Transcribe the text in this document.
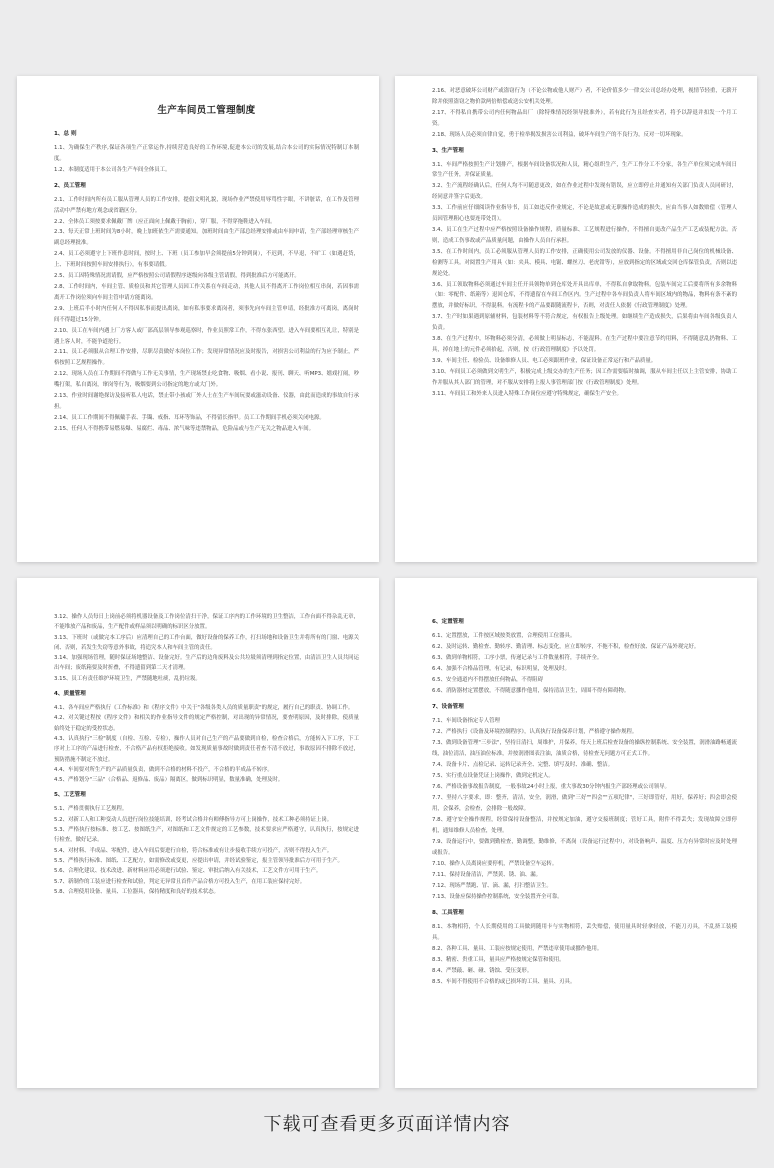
生产车间员工管理制度
1、总 则
1.1、为确保生产秩序,保证各项生产正常运作,持续营造良好的工作环境,促进本公司的发展,结合本公司的实际情况特制订本制度。
1.2、本制度适用于本公司各生产车间全体员工。
2、员工管理
2.1、工作时间内所有员工服从管理人员的工作安排，提倡文明礼貌，现场作业严禁使用辱骂性字眼，不讲脏话，在工作及管理活动中严禁有地方观念或省籍区分。
2.2、全体员工须按要求佩戴厂牌（应正面向上佩戴于胸前），穿厂服，不得穿拖鞋进入车间。
2.3、每天正常上班时间为8小时，晚上加班依生产需要通知。加班时间由生产部总经理安排或由车间申请，生产部经理审核生产副总经理批准。
2.4、员工必须遵守上下班作息时间，按时上、下班（员工参加早会须提前5分钟到岗），不迟到，不早退，不旷工（如遇赶货，上、下班时间按照车间安排执行），有事要请假。
2.5、员工因特殊情况需请假，应严格按照公司请假程序逐级向各级主管请假，得到批准后方可能离开。
2.8、工作时间内，车间主管、质检员和其它管理人员因工作关系在车间走动，其他人员不得离开工作岗位相互串岗，若因事需离开工作岗位须向车间主管申请方能离岗。
2.9、上班后半小时内任何人不得因私事而提出离岗，如有私事要求离岗者，须事先向车间主管申请，经批准方可离岗，离岗时间不得超过15分钟。
2.10、员工在车间内遇上厂方客人或厂部高层领导参观巡察时，作业员照常工作，不得东张西望。进入车间要相互礼让，特别是遇上客人时，不能争道抢行。
2.11、员工必须服从合理工作安排，尽职尽责做好本岗位工作；发现异常情况应及时报告，对损害公司利益的行为应予制止，严格按照工艺规程操作。
2.12、现场人员在工作期间不得做与工作无关事情，生产现场禁止吃食物、吸烟、看小说、报刊、聊天、听MP3、嬉戏打闹，吵嘴打架，私自离岗，窜岗等行为，吸烟要到公司指定的地方或大门外。
2.13、作业时间谢绝探访及接听私人电话，禁止带小孩或厂外人士在生产车间玩耍或滋动设备、仪器，由此而造成的事故自行承担。
2.14、员工工作期间不得佩戴手表、手镯、戒指、耳环等饰品，不得留长指甲。员工工作期间手机必须关闭电源。
2.15、任何人不得携带易燃易爆、易腐烂、毒品、浓气味等违禁物品，危险品或与生产无关之物品进入车间。
2.16、对恶意破坏公司财产或盗窃行为（不论公物或他人财产）者，不论价值多少一律交公司总经办处理，视情节轻重，无薪开除并依照盗窃之物价款两倍赔偿或送公安机关处理。
2.17、不得私自携带公司内任何物品出厂（除特殊情况经领导批准外），若有此行为且经查实者，将予以辞退并扣发一个月工资。
2.18、现场人员必须自律自觉，勇于检举揭发损害公司利益，破坏车间生产的不良行为，反对一切坏现象。
3、生产管理
3.1、车间严格按照生产计划排产，根据车间设备状况和人员，精心组织生产，生产工作分工不分家，各生产单位须完成车间日常生产任务，并保证质量。
3.2、生产流程经确认后，任何人均不可随意更改，如在作业过程中发现有错误，应立即停止并通知有关部门负责人员同研讨，经同意并签字后更改。
3.3、工作前应仔细阅读作业指导书，员工如违反作业规定，不论是故意或无职操作造成的损失，应由当事人如数赔偿（管理人员因管理粗心也要连带处罚）。
3.4、员工在生产过程中应严格按照设备操作规程，质量标准、工艺规程进行操作，不得擅自更改产品生产工艺或装配方法。否则，造成工伤事故或产品质量问题，由操作人员自行承担。
3.5、在工作时间内，员工必须服从管理人员的工作安排，正确使用公司发放的仪器、设备。不得擅用非自己岗位的机械设备、检测等工具。对阅置生产用具（如：夹具、模具、电锯、螺丝刀、老虎钳等），应放到指定的区域或交回仓库保管负责，否则以违规论处。
3.6、员工领取物料必须通过车间主任开具领物单到仓库处开具出库单，不得私自拿取物料。包装车间完工后要将所有多余物料（如：零配件、纸箱等）退回仓库，不得遗留在车间工作区内。生产过程中各车间负责人将车间区域内的物品，物料有条不紊的摆放，并做好标识，不得混料。有流程卡的产品要跟随流程卡，否则，对责任人依据《行政管理制度》处理。
3.7、生产时如果遇到原辅材料，包装材料等不符合规定，有权报告上级处理。如继续生产造成损失，后果将由车间各级负责人负责。
3.8、在生产过程中，坏物料必须分清，必须做上明显标志，不能混料。在生产过程中要注意节约用料，不得随意乱扔物料、工具，掉在地上的元件必须拾起，否则，按《行政管理制度》予以处罚。
3.9、车间主任、检验员、设备维修人员、电工必须跟班作业，保证设备正常运行和产品质量。
3.10、车间员工必须做到文明生产，积极完成上级交办的生产任务；因工作需要临时抽调，服从车间主任以上主管安排，协助工作并服从其人部门的管理，对不服从安排将上报人事管理部门按《行政管理制度》处理。
3.11、车间员工和外来人员进入特殊工作岗位应遵守特殊规定，确保生产安全。
3.12、操作人员每日上岗前必须将机器设备及工作岗位清扫干净，保证工序内的工作环境的卫生整洁，工作台面不得杂乱无章，不能堆放产品和废品，生产配件或样品须以明确的标识区分放置。
3.13、下班时（或做完本工序后）应清理自己的工作台面，做好设备的保养工作，打扫场地和设备卫生并将所有的门窗、电源关闭、否则，若发生失窃等意外事故，将追究本人和车间主管的责任。
3.14、加强现场管理，随时保证场地整洁、设备完好。生产后的边角废料及公共垃圾须清理到指定位置，由清洁卫生人员共同运出车间；废纸箱要及时折叠，不得遗留到第二天才清理。
3.15、员工有责任维护环境卫生，严禁随地吐痰，乱扔垃圾。
4、质量管理
4.1、各车间应严格执行《工作标准》和《程序文件》中关于"各级各类人员的质量职责"的规定，履行自己的职责、协调工作。
4.2、对关键过程按《程序文件》和相关的作业指导文件的规定严格控制，对出现的异常情况，要查明原因，及时排除，使质量始终处于稳定的受控状态。
4.3、认真执行"三检"制度（自检、互检、专检），操作人员对自己生产的产品要做到自检，检查合格后，方能转入下工序，下工序对上工序的产品进行检查，不合格产品有权拒绝接收。如发现质量事故时做到责任者查不清不放过，事故原因不排除不放过，预防措施不制定不放过。
4.4、车间要对所生产的产品质量负责，做到不合格的材料不投产，不合格的半成品不转序。
4.5、严格划分"三品"（合格品、返修品、废品）隔离区，做到标识明显，数量准确，处理及时。
5、工艺管理
5.1、严格贯彻执行工艺规程。
5.2、对新工人和工种变动人员进行岗位技能培训，经考试合格并有师傅指导方可上岗操作，技术工种必须持证上岗。
5.3、严格执行按标准、按工艺、按图纸生产，对图纸和工艺文件规定的工艺参数，技术要求应严格遵守，认真执行，按规定进行检查，做好记录。
5.4、对材料、半成品、零配件，进入车间后要进行自检，符合标准或有让步接收手续方可投产，否则不得投入生产。
5.5、严格执行标准、图纸、工艺配方，如需修改或变更，应提出申请，并经试验鉴定，报主管领导批准后方可用于生产。
5.6、合理化建议、技术改进、新材料应用必须进行试验、鉴定、审批后纳入有关技术，工艺文件方可用于生产。
5.7、新制作的工装应进行检查和试验，判定无异常且首件产品合格方可投入生产，在用工装应保持完好。
5.8、合理使用设备、量具、工位器具，保持精度和良好的技术状态。
6、定置管理
6.1、定置摆放，工件按区域按类放置，合理使用工位器具。
6.2、及时运转、勤检查、勤转序、勤清理、标志变化，应立即转序，不拖不积，检查好放、保证产品外观完好。
6.3、做到单物相符，工序小票，传递记录与工件数量相符，手续齐全。
6.4、加强不合格品管理，有记录，标识明显，处理及时。
6.5、安全通道内不得摆放任何物品，不得阻碍
6.6、消防器材定置摆放，不得随意挪作他用，保持清洁卫生，周围不得有障碍物。
7、设备管理
7.1、车间设备指定专人管理
7.2、严格执行《设备及环境控制程序》，认真执行设备保养计划，严格遵守操作规程。
7.3、做到设备管理"三步法"，坚持日清扫，周维护，月保养，每天上班后检查设备的操纵控制系统、安全装置，润滑油路畅通流线，油位清洁，油压油位标准，并按润滑图表注油，油质合格，待检查无问题方可正式工作。
7.4、设备卡片、点检记录、运转记录齐全、完整、填写及时、准确、整洁。
7.5、实行重点设备凭证上岗操作，做到定机定人。
7.6、严格设备事故报告制度，一般事故24小时上报，重大事故30分钟内报生产部经理或公司领导。
7.7、坚持八字要求，即：整齐，清洁，安全，润滑，做到"三好""四会""五项纪律"，三好即管好，用好，保养好；四会即会使用，会保养，会检查，会排除一般故障。
7.8、遵守安全操作规程，经常保持设备整洁，并按规定加油，遵守交接班制度；管好工具，附件不得丢失；发现故障立即停机，通知维修人员检查，处理。
7.9、设备运行中，要做到勤检查，勤调整，勤维修，不离岗（设备运行过程中），对设备响声、温度、压力有异常时应及时处理或报告。
7.10、操作人员离岗应要停机，严禁设备空车运转。
7.11、保持设备清洁，严禁黄、锈、油、漏。
7.12、现场严禁跑、冒、滴、漏，打扫整洁卫生。
7.13、设备应保持操作控制系统，安全装置齐全可靠。
8、工具管理
8.1、本物相符，个人长期使用的工具做到随用卡与实物相符，丢失赔偿，使用量具时轻拿轻放，不能刀刃具，不乱挤工装模具。
8.2、各种工具、量具、工装应按规定使用，严禁违章使用或挪作他用。
8.3、精密、贵重工具，量具应严格按规定保管和使用。
8.4、严禁敲、砸、碰、锈蚀、受压变形。
8.5、车间不得使用不合格的或已损坏的工具、量具、刃具。
下载可查看更多页面详情内容
